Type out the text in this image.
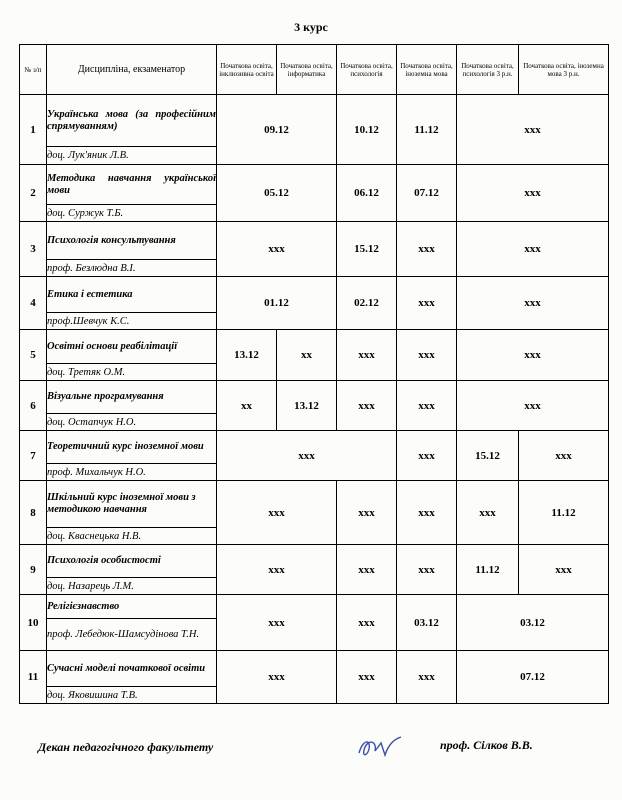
3 курс
№ з/п	Дисципліна, екзаменатор	Початкова освіта, інклюзивна освіта	Початкова освіта, інформатика	Початкова освіта, психологія	Початкова освіта, іноземна мова	Початкова освіта, психологія 3 р.н.	Початкова освіта, іноземна мова 3 р.н.
1	Українська мова (за професійним спрямуванням)	09.12		10.12	11.12	ххх	
	доц. Лук'яник Л.В.						
2	Методика навчання української мови	05.12		06.12	07.12	ххх	
	доц. Суржук Т.Б.						
3	Психологія консультування	ххх		15.12	ххх	ххх	
	проф. Безлюдна В.І.						
4	Етика і естетика	01.12		02.12	ххх	ххх	
	проф.Шевчук К.С.						
5	Освітні основи реабілітації	13.12	хх	ххх	ххх	ххх	
	доц. Третяк О.М.						
6	Візуальне програмування	хх	13.12	ххх	ххх	ххх	
	доц. Остапчук Н.О.						
7	Теоретичний курс іноземної мови	ххх			ххх	15.12	ххх
	проф. Михальчук Н.О.						
8	Шкільний курс іноземної мови з методикою навчання	ххх		ххх	ххх	ххх	11.12
	доц. Кваснецька Н.В.						
9	Психологія особистості	ххх		ххх	ххх	11.12	ххх
	доц. Назарець Л.М.						
10	Релігієзнавство	ххх		ххх	03.12	03.12	
	проф. Лебедюк-Шамсудінова Т.Н.						
11	Сучасні моделі початкової освіти	ххх		ххх	ххх	07.12	
	доц. Яковишина Т.В.						
Декан педагогічного факультету	проф. Сілков В.В.
